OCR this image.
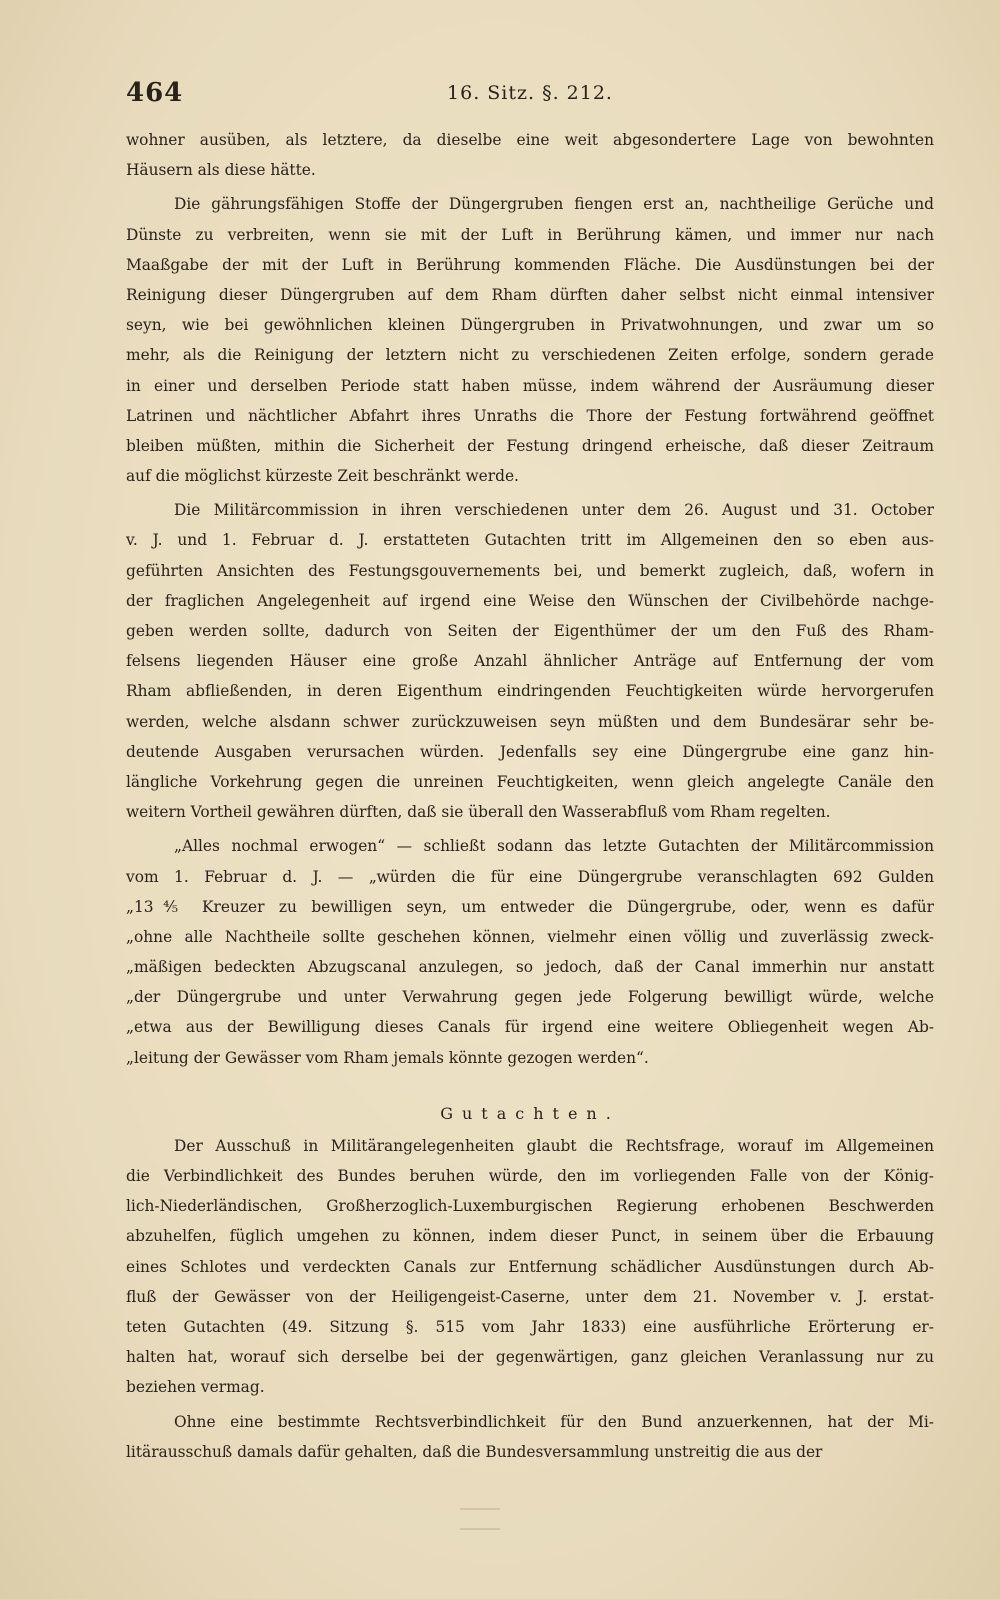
464	16. Sitz. §. 212.
wohner ausüben, als letztere, da dieselbe eine weit abgesondertere Lage von bewohnten
Häusern als diese hätte.
Die gährungsfähigen Stoffe der Düngergruben fiengen erst an, nachtheilige Gerüche und
Dünste zu verbreiten, wenn sie mit der Luft in Berührung kämen, und immer nur nach
Maaßgabe der mit der Luft in Berührung kommenden Fläche. Die Ausdünstungen bei der
Reinigung dieser Düngergruben auf dem Rham dürften daher selbst nicht einmal intensiver
seyn, wie bei gewöhnlichen kleinen Düngergruben in Privatwohnungen, und zwar um so
mehr, als die Reinigung der letztern nicht zu verschiedenen Zeiten erfolge, sondern gerade
in einer und derselben Periode statt haben müsse, indem während der Ausräumung dieser
Latrinen und nächtlicher Abfahrt ihres Unraths die Thore der Festung fortwährend geöffnet
bleiben müßten, mithin die Sicherheit der Festung dringend erheische, daß dieser Zeitraum
auf die möglichst kürzeste Zeit beschränkt werde.
Die Militärcommission in ihren verschiedenen unter dem 26. August und 31. October
v. J. und 1. Februar d. J. erstatteten Gutachten tritt im Allgemeinen den so eben aus-
geführten Ansichten des Festungsgouvernements bei, und bemerkt zugleich, daß, wofern in
der fraglichen Angelegenheit auf irgend eine Weise den Wünschen der Civilbehörde nachge-
geben werden sollte, dadurch von Seiten der Eigenthümer der um den Fuß des Rham-
felsens liegenden Häuser eine große Anzahl ähnlicher Anträge auf Entfernung der vom
Rham abfließenden, in deren Eigenthum eindringenden Feuchtigkeiten würde hervorgerufen
werden, welche alsdann schwer zurückzuweisen seyn müßten und dem Bundesärar sehr be-
deutende Ausgaben verursachen würden. Jedenfalls sey eine Düngergrube eine ganz hin-
längliche Vorkehrung gegen die unreinen Feuchtigkeiten, wenn gleich angelegte Canäle den
weitern Vortheil gewähren dürften, daß sie überall den Wasserabfluß vom Rham regelten.
„Alles nochmal erwogen“ — schließt sodann das letzte Gutachten der Militärcommission
vom 1. Februar d. J. — „würden die für eine Düngergrube veranschlagten 692 Gulden
„13⅘ Kreuzer zu bewilligen seyn, um entweder die Düngergrube, oder, wenn es dafür
„ohne alle Nachtheile sollte geschehen können, vielmehr einen völlig und zuverlässig zweck-
„mäßigen bedeckten Abzugscanal anzulegen, so jedoch, daß der Canal immerhin nur anstatt
„der Düngergrube und unter Verwahrung gegen jede Folgerung bewilligt würde, welche
„etwa aus der Bewilligung dieses Canals für irgend eine weitere Obliegenheit wegen Ab-
„leitung der Gewässer vom Rham jemals könnte gezogen werden“.
Gutachten.
Der Ausschuß in Militärangelegenheiten glaubt die Rechtsfrage, worauf im Allgemeinen
die Verbindlichkeit des Bundes beruhen würde, den im vorliegenden Falle von der König-
lich-Niederländischen, Großherzoglich-Luxemburgischen Regierung erhobenen Beschwerden
abzuhelfen, füglich umgehen zu können, indem dieser Punct, in seinem über die Erbauung
eines Schlotes und verdeckten Canals zur Entfernung schädlicher Ausdünstungen durch Ab-
fluß der Gewässer von der Heiligengeist-Caserne, unter dem 21. November v. J. erstat-
teten Gutachten (49. Sitzung §. 515 vom Jahr 1833) eine ausführliche Erörterung er-
halten hat, worauf sich derselbe bei der gegenwärtigen, ganz gleichen Veranlassung nur zu
beziehen vermag.
Ohne eine bestimmte Rechtsverbindlichkeit für den Bund anzuerkennen, hat der Mi-
litärausschuß damals dafür gehalten, daß die Bundesversammlung unstreitig die aus der
